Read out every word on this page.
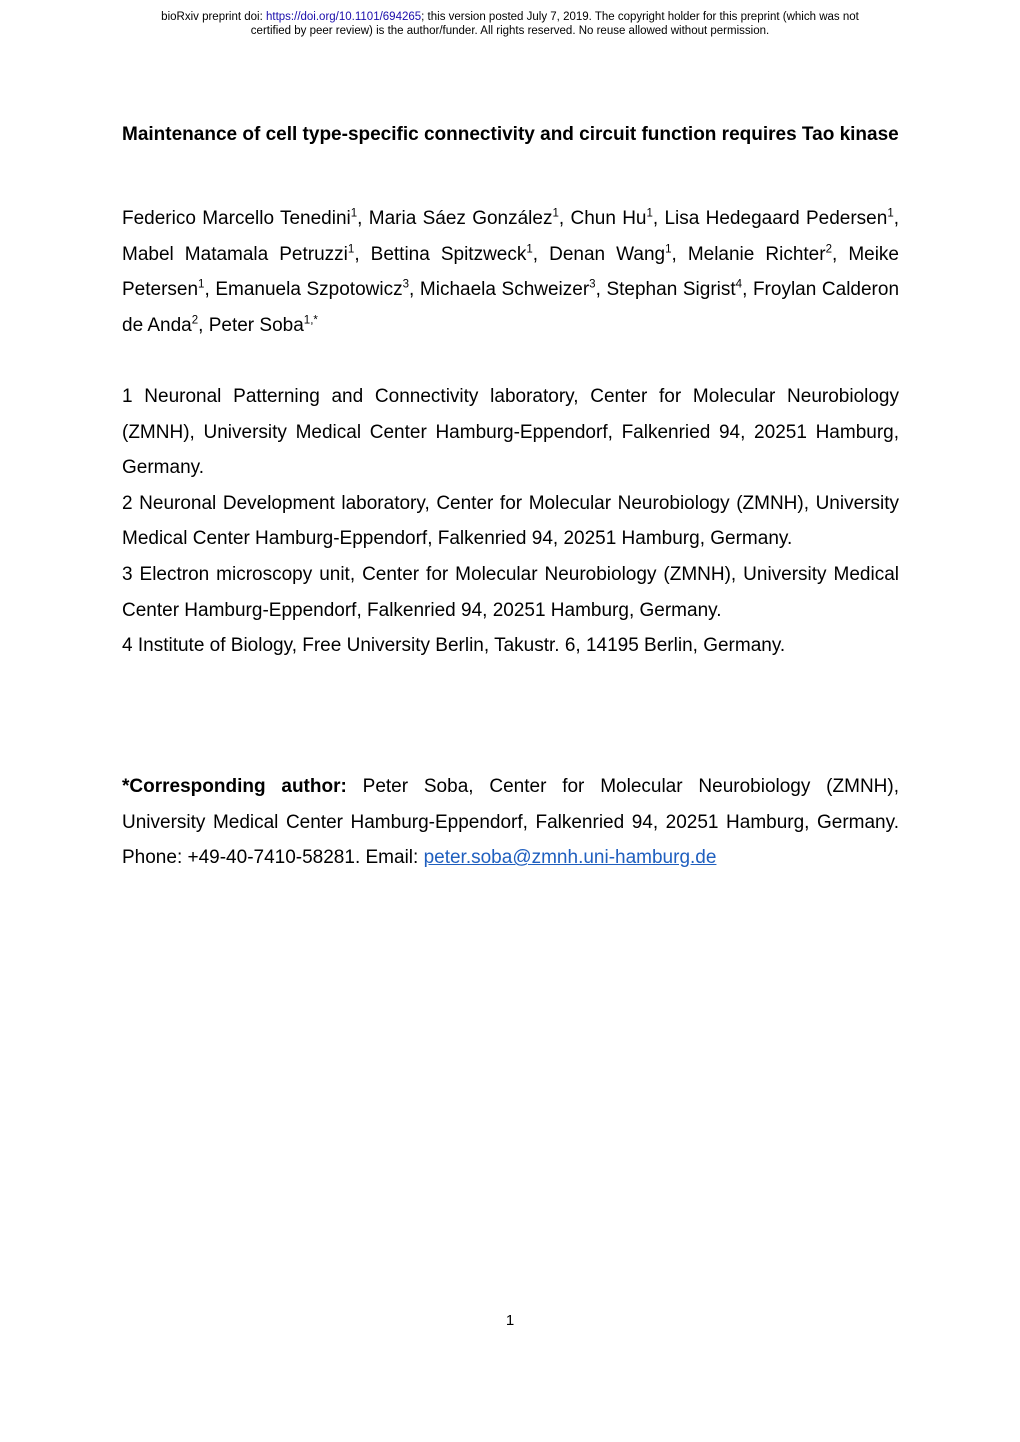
bioRxiv preprint doi: https://doi.org/10.1101/694265; this version posted July 7, 2019. The copyright holder for this preprint (which was not
certified by peer review) is the author/funder. All rights reserved. No reuse allowed without permission.
Maintenance of cell type-specific connectivity and circuit function requires Tao kinase
Federico Marcello Tenedini$^1$, Maria Sáez González$^1$, Chun Hu$^1$, Lisa Hedegaard Pedersen$^1$, Mabel Matamala Petruzzi$^1$, Bettina Spitzweck$^1$, Denan Wang$^1$, Melanie Richter$^2$, Meike Petersen$^1$, Emanuela Szpotowicz$^3$, Michaela Schweizer$^3$, Stephan Sigrist$^4$, Froylan Calderon de Anda$^2$, Peter Soba$^{1,*}$

1 Neuronal Patterning and Connectivity laboratory, Center for Molecular Neurobiology (ZMNH), University Medical Center Hamburg-Eppendorf, Falkenried 94, 20251 Hamburg, Germany.

2 Neuronal Development laboratory, Center for Molecular Neurobiology (ZMNH), University Medical Center Hamburg-Eppendorf, Falkenried 94, 20251 Hamburg, Germany.

3 Electron microscopy unit, Center for Molecular Neurobiology (ZMNH), University Medical Center Hamburg-Eppendorf, Falkenried 94, 20251 Hamburg, Germany.

4 Institute of Biology, Free University Berlin, Takustr. 6, 14195 Berlin, Germany.

*Corresponding author: Peter Soba, Center for Molecular Neurobiology (ZMNH), University Medical Center Hamburg-Eppendorf, Falkenried 94, 20251 Hamburg, Germany. Phone: +49-40-7410-58281. Email: peter.soba@zmnh.uni-hamburg.de
1
